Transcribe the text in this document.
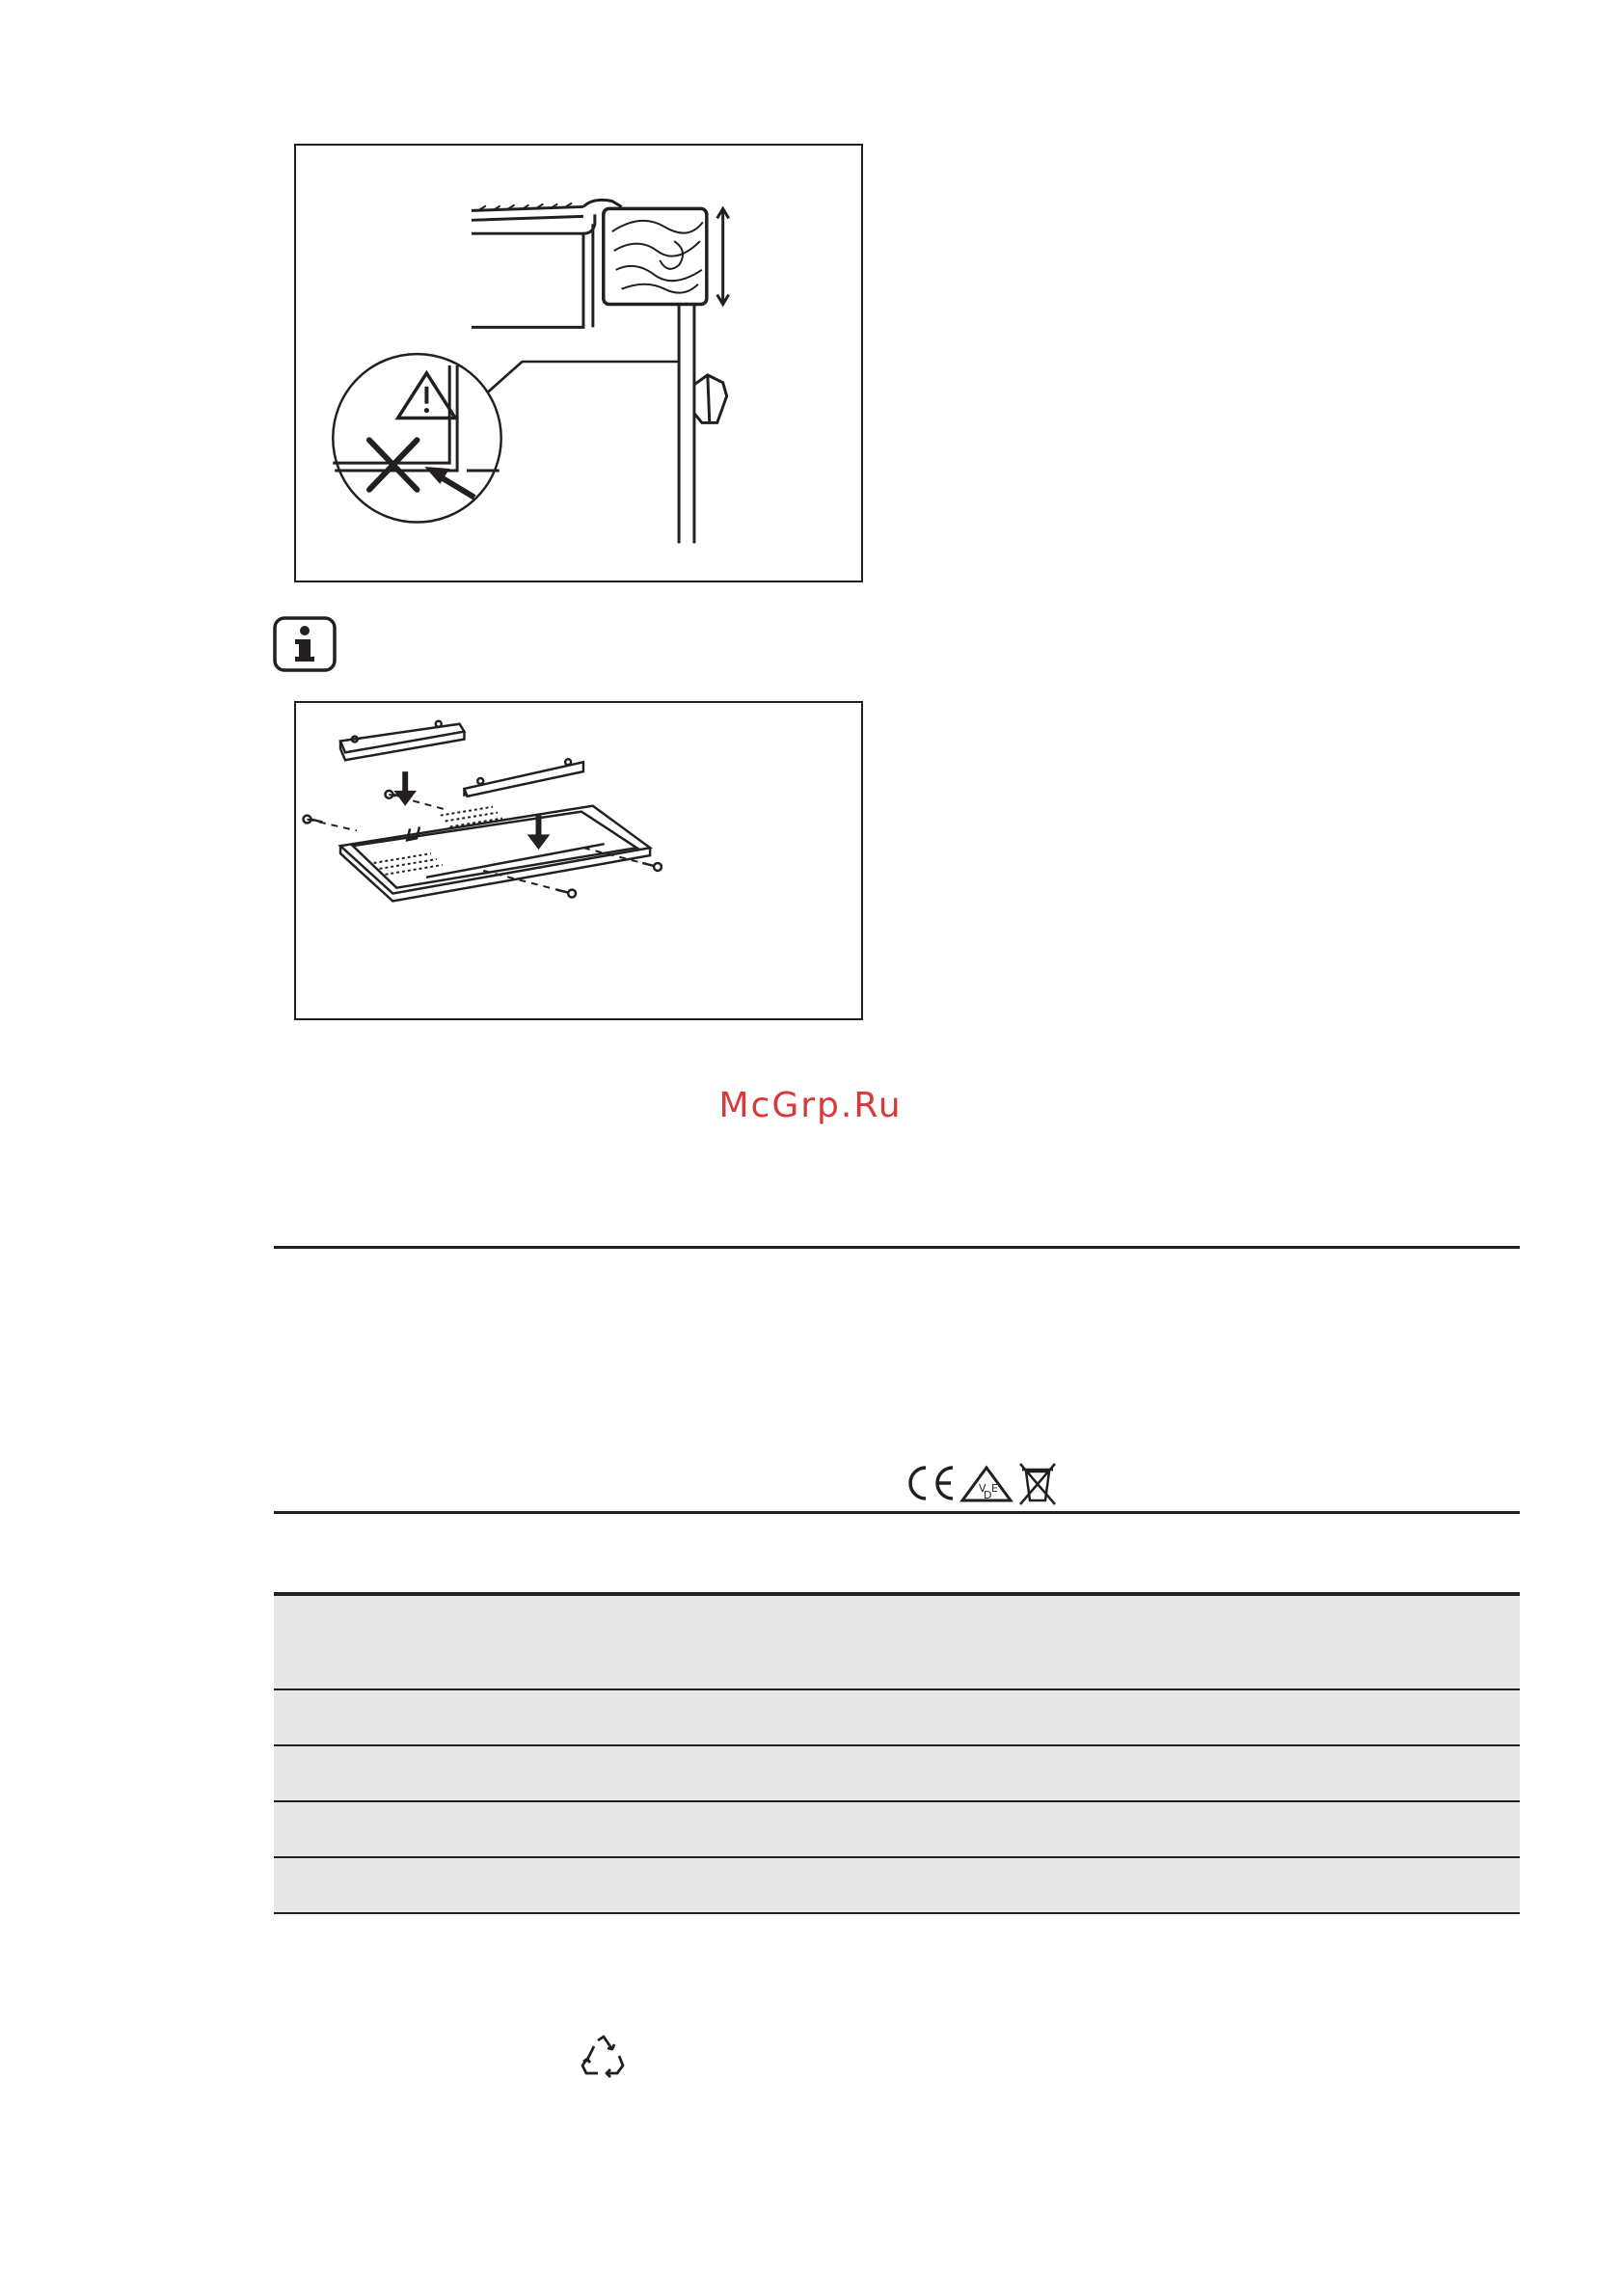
McGrp.Ru
V
D
E
